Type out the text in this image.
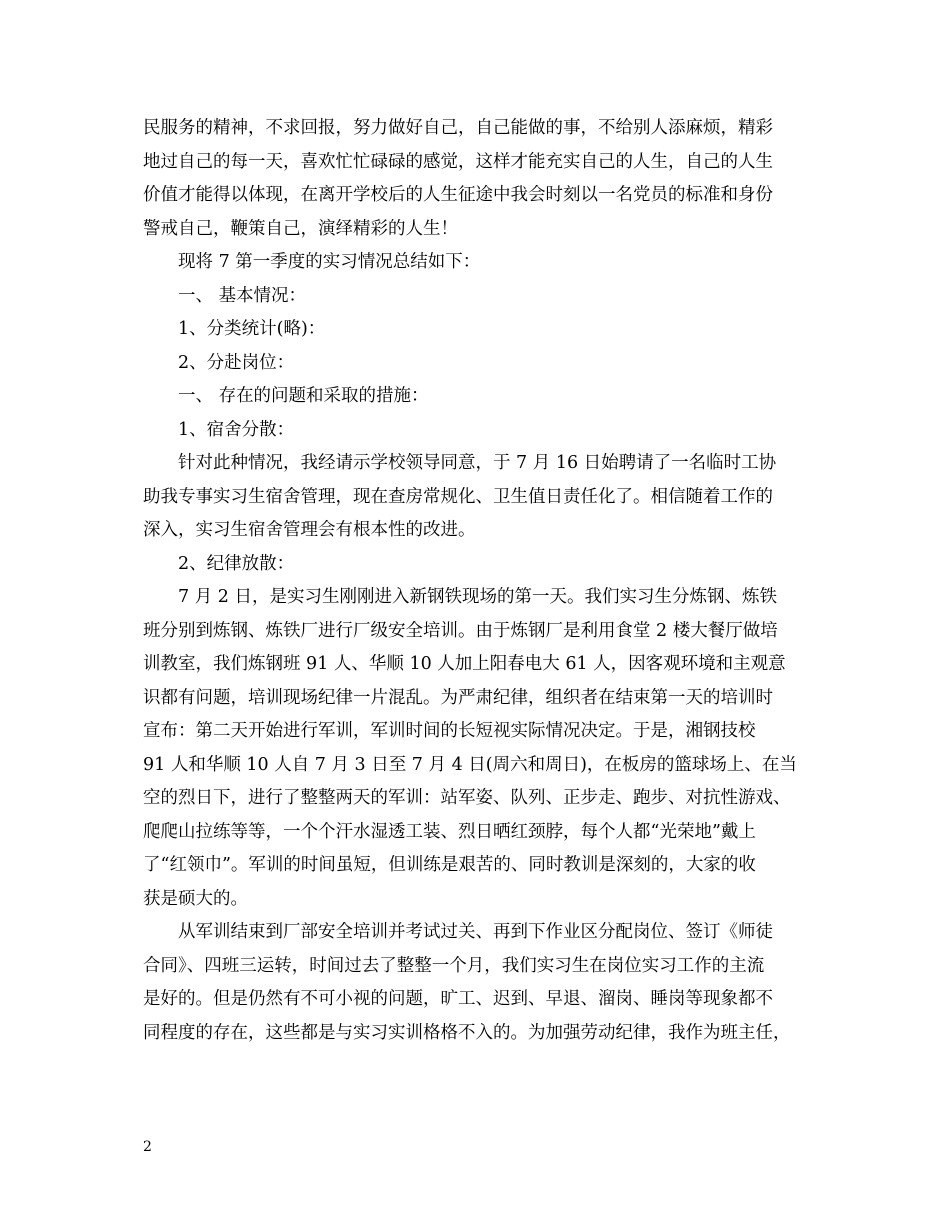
民服务的精神，不求回报，努力做好自己，自己能做的事，不给别人添麻烦，精彩
地过自己的每一天，喜欢忙忙碌碌的感觉，这样才能充实自己的人生，自己的人生
价值才能得以体现，在离开学校后的人生征途中我会时刻以一名党员的标准和身份
警戒自己，鞭策自己，演绎精彩的人生！
现将 7 第一季度的实习情况总结如下：
一、 基本情况：
1、分类统计(略)：
2、分赴岗位：
一、 存在的问题和采取的措施：
1、宿舍分散：
针对此种情况，我经请示学校领导同意，于 7 月 16 日始聘请了一名临时工协
助我专事实习生宿舍管理，现在查房常规化、卫生值日责任化了。相信随着工作的
深入，实习生宿舍管理会有根本性的改进。
2、纪律放散：
7 月 2 日，是实习生刚刚进入新钢铁现场的第一天。我们实习生分炼钢、炼铁
班分别到炼钢、炼铁厂进行厂级安全培训。由于炼钢厂是利用食堂 2 楼大餐厅做培
训教室，我们炼钢班 91 人、华顺 10 人加上阳春电大 61 人，因客观环境和主观意
识都有问题，培训现场纪律一片混乱。为严肃纪律，组织者在结束第一天的培训时
宣布：第二天开始进行军训，军训时间的长短视实际情况决定。于是，湘钢技校
91 人和华顺 10 人自 7 月 3 日至 7 月 4 日(周六和周日)，在板房的篮球场上、在当
空的烈日下，进行了整整两天的军训：站军姿、队列、正步走、跑步、对抗性游戏、
爬爬山拉练等等，一个个汗水湿透工装、烈日晒红颈脖，每个人都“光荣地”戴上
了“红领巾”。军训的时间虽短，但训练是艰苦的、同时教训是深刻的，大家的收
获是硕大的。
从军训结束到厂部安全培训并考试过关、再到下作业区分配岗位、签订《师徒
合同》、四班三运转，时间过去了整整一个月，我们实习生在岗位实习工作的主流
是好的。但是仍然有不可小视的问题，旷工、迟到、早退、溜岗、睡岗等现象都不
同程度的存在，这些都是与实习实训格格不入的。为加强劳动纪律，我作为班主任，
2
